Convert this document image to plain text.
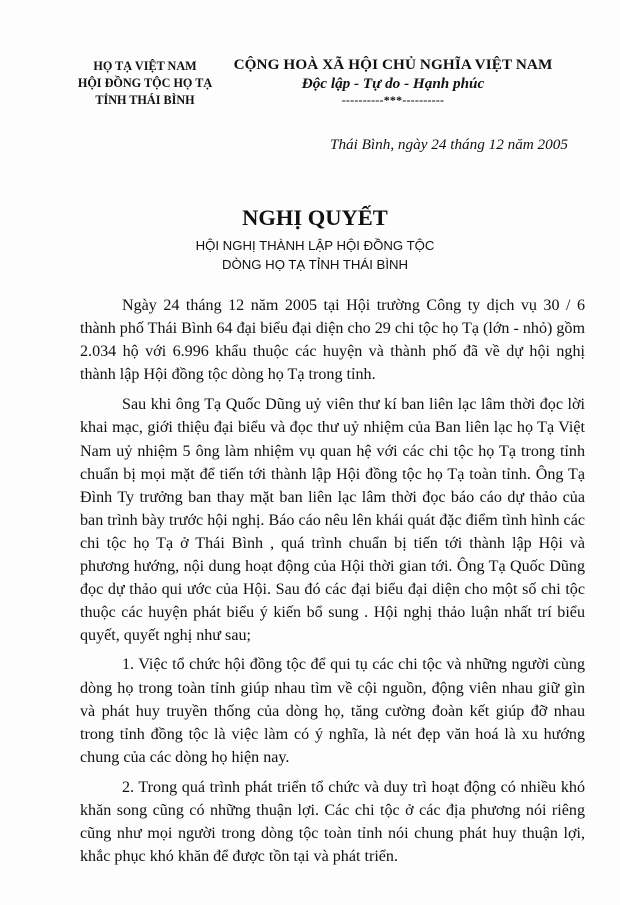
HỌ TẠ VIỆT NAM
HỘI ĐỒNG TỘC HỌ TẠ
TỈNH THÁI BÌNH
CỘNG HOÀ XÃ HỘI CHỦ NGHĨA VIỆT NAM
Độc lập - Tự do - Hạnh phúc
----------***----------
Thái Bình, ngày 24 tháng 12 năm 2005
NGHỊ QUYẾT
HỘI NGHỊ THÀNH LẬP HỘI ĐỒNG TỘC
DÒNG HỌ TẠ TỈNH THÁI BÌNH

Ngày 24 tháng 12 năm 2005 tại Hội trường Công ty dịch vụ 30 / 6 thành phố Thái Bình 64 đại biểu đại diện cho 29 chi tộc họ Tạ (lớn - nhỏ) gồm 2.034 hộ với 6.996 khẩu thuộc các huyện và thành phố đã về dự hội nghị thành lập Hội đồng tộc dòng họ Tạ trong tỉnh.

Sau khi ông Tạ Quốc Dũng uỷ viên thư kí ban liên lạc lâm thời đọc lời khai mạc, giới thiệu đại biểu và đọc thư uỷ nhiệm của Ban liên lạc họ Tạ Việt Nam uỷ nhiệm 5 ông làm nhiệm vụ quan hệ với các chi tộc họ Tạ trong tỉnh chuẩn bị mọi mặt để tiến tới thành lập Hội đồng tộc họ Tạ toàn tỉnh. Ông Tạ Đình Ty trưởng ban thay mặt ban liên lạc lâm thời đọc báo cáo dự thảo của ban trình bày trước hội nghị. Báo cáo nêu lên khái quát đặc điểm tình hình các chi tộc họ Tạ ở Thái Bình , quá trình chuẩn bị tiến tới thành lập Hội và phương hướng, nội dung hoạt động của Hội thời gian tới. Ông Tạ Quốc Dũng đọc dự thảo qui ước của Hội. Sau đó các đại biểu đại diện cho một số chi tộc thuộc các huyện phát biểu ý kiến bổ sung . Hội nghị thảo luận nhất trí biểu quyết, quyết nghị như sau;

1. Việc tổ chức hội đồng tộc để qui tụ các chi tộc và những người cùng dòng họ trong toàn tỉnh giúp nhau tìm về cội nguồn, động viên nhau giữ gìn và phát huy truyền thống của dòng họ, tăng cường đoàn kết giúp đỡ nhau trong tỉnh đồng tộc là việc làm có ý nghĩa, là nét đẹp văn hoá là xu hướng chung của các dòng họ hiện nay.

2. Trong quá trình phát triển tổ chức và duy trì hoạt động có nhiều khó khăn song cũng có những thuận lợi. Các chi tộc ở các địa phương nói riêng cũng như mọi người trong dòng tộc toàn tỉnh nói chung phát huy thuận lợi, khắc phục khó khăn để được tồn tại và phát triển.
